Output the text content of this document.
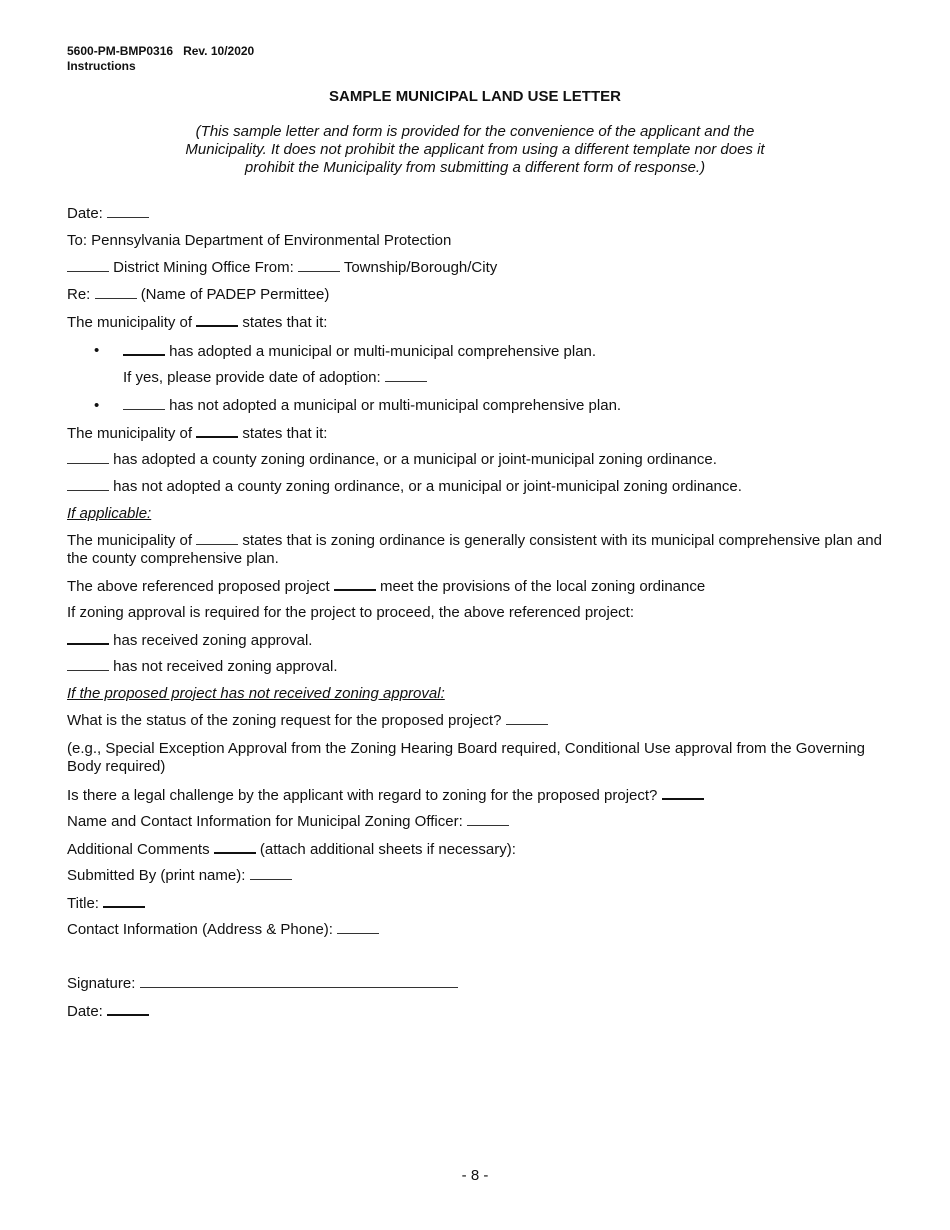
5600-PM-BMP0316 Rev. 10/2020
Instructions
SAMPLE MUNICIPAL LAND USE LETTER
(This sample letter and form is provided for the convenience of the applicant and the Municipality. It does not prohibit the applicant from using a different template nor does it prohibit the Municipality from submitting a different form of response.)
Date:
To: Pennsylvania Department of Environmental Protection
District Mining Office From:	Township/Borough/City
Re:	(Name of PADEP Permittee)
The municipality of	states that it:
•	has adopted a municipal or multi-municipal comprehensive plan.
If yes, please provide date of adoption:
•	has not adopted a municipal or multi-municipal comprehensive plan.
The municipality of	states that it:
has adopted a county zoning ordinance, or a municipal or joint-municipal zoning ordinance.
has not adopted a county zoning ordinance, or a municipal or joint-municipal zoning ordinance.
If applicable:
The municipality of	states that is zoning ordinance is generally consistent with its municipal comprehensive plan and the county comprehensive plan.
The above referenced proposed project	meet the provisions of the local zoning ordinance
If zoning approval is required for the project to proceed, the above referenced project:
has received zoning approval.
has not received zoning approval.
If the proposed project has not received zoning approval:
What is the status of the zoning request for the proposed project?
(e.g., Special Exception Approval from the Zoning Hearing Board required, Conditional Use approval from the Governing Body required)
Is there a legal challenge by the applicant with regard to zoning for the proposed project?
Name and Contact Information for Municipal Zoning Officer:
Additional Comments	(attach additional sheets if necessary):
Submitted By (print name):
Title:
Contact Information (Address & Phone):
Signature:
Date:
- 8 -
